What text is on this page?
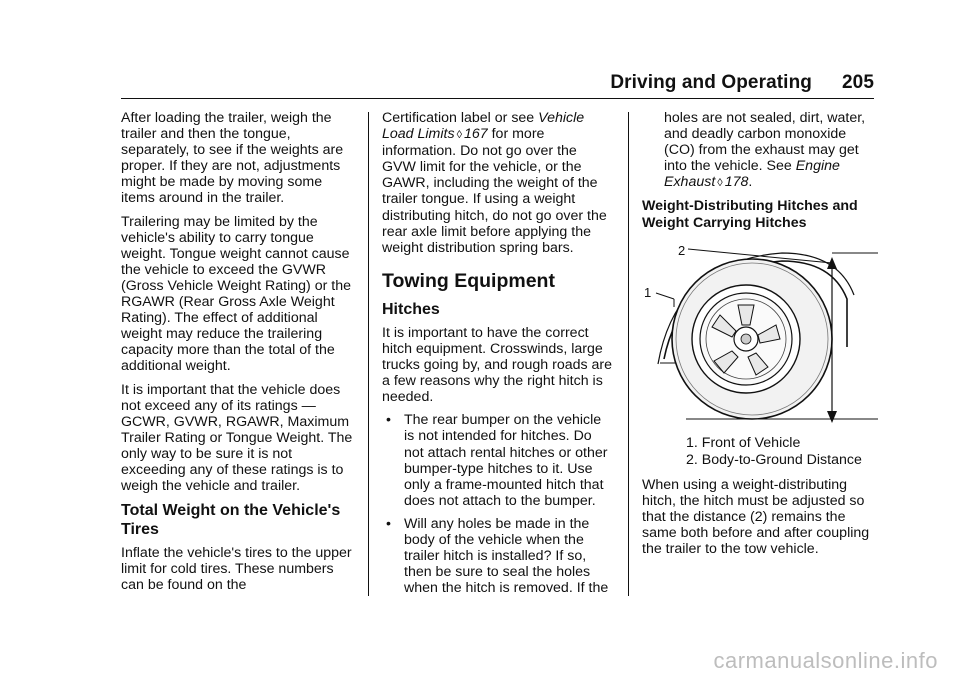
Driving and Operating 205

After loading the trailer, weigh the trailer and then the tongue, separately, to see if the weights are proper. If they are not, adjustments might be made by moving some items around in the trailer.

Trailering may be limited by the vehicle's ability to carry tongue weight. Tongue weight cannot cause the vehicle to exceed the GVWR (Gross Vehicle Weight Rating) or the RGAWR (Rear Gross Axle Weight Rating). The effect of additional weight may reduce the trailering capacity more than the total of the additional weight.

It is important that the vehicle does not exceed any of its ratings — GCWR, GVWR, RGAWR, Maximum Trailer Rating or Tongue Weight. The only way to be sure it is not exceeding any of these ratings is to weigh the vehicle and trailer.

Total Weight on the Vehicle's Tires

Inflate the vehicle's tires to the upper limit for cold tires. These numbers can be found on the

Certification label or see Vehicle Load Limits ◊ 167 for more information. Do not go over the GVW limit for the vehicle, or the GAWR, including the weight of the trailer tongue. If using a weight distributing hitch, do not go over the rear axle limit before applying the weight distribution spring bars.

Towing Equipment
Hitches

It is important to have the correct hitch equipment. Crosswinds, large trucks going by, and rough roads are a few reasons why the right hitch is needed.

• The rear bumper on the vehicle is not intended for hitches. Do not attach rental hitches or other bumper-type hitches to it. Use only a frame-mounted hitch that does not attach to the bumper.
• Will any holes be made in the body of the vehicle when the trailer hitch is installed? If so, then be sure to seal the holes when the hitch is removed. If the

holes are not sealed, dirt, water, and deadly carbon monoxide (CO) from the exhaust may get into the vehicle. See Engine Exhaust ◊ 178.

Weight-Distributing Hitches and Weight Carrying Hitches
2
1

1. Front of Vehicle

2. Body-to-Ground Distance

When using a weight-distributing hitch, the hitch must be adjusted so that the distance (2) remains the same both before and after coupling the trailer to the tow vehicle.

carmanualsonline.info
